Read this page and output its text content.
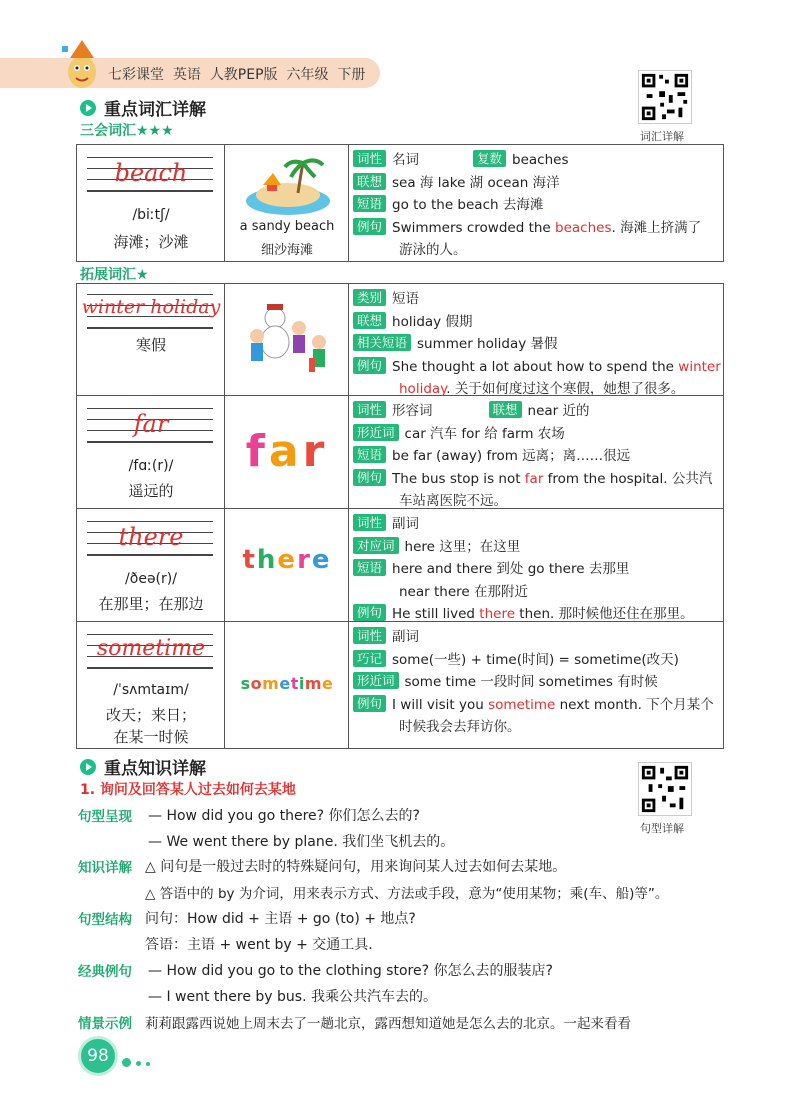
七彩课堂 英语 人教PEP版 六年级 下册
词汇详解
重点词汇详解
三会词汇★★★
beach
/biːtʃ/
海滩；沙滩
a sandy beach
细沙海滩
词性 名词	复数 beaches
联想 sea 海 lake 湖 ocean 海洋
短语 go to the beach 去海滩
例句 Swimmers crowded the beaches. 海滩上挤满了
游泳的人。
拓展词汇★
winter holiday
寒假
类别 短语
联想 holiday 假期
相关短语 summer holiday 暑假
例句 She thought a lot about how to spend the winter
holiday. 关于如何度过这个寒假，她想了很多。
far
/fɑː(r)/
遥远的
far
词性 形容词	联想 near 近的
形近词 car 汽车 for 给 farm 农场
短语 be far (away) from 远离；离……很远
例句 The bus stop is not far from the hospital. 公共汽
车站离医院不远。
there
/ðeə(r)/
在那里；在那边
there
词性 副词
对应词 here 这里；在这里
短语 here and there 到处 go there 去那里
near there 在那附近
例句 He still lived there then. 那时候他还住在那里。
sometime
/ˈsʌmtaɪm/
改天；来日；
在某一时候
sometime
词性 副词
巧记 some(一些) + time(时间) = sometime(改天)
形近词 some time 一段时间 sometimes 有时候
例句 I will visit you sometime next month. 下个月某个
时候我会去拜访你。
重点知识详解
句型详解
1. 询问及回答某人过去如何去某地
句型呈现 — How did you go there? 你们怎么去的?
— We went there by plane. 我们坐飞机去的。
知识详解 △ 问句是一般过去时的特殊疑问句，用来询问某人过去如何去某地。
△ 答语中的 by 为介词，用来表示方式、方法或手段，意为“使用某物；乘(车、船)等”。
句型结构 问句：How did + 主语 + go (to) + 地点?
答语：主语 + went by + 交通工具.
经典例句 — How did you go to the clothing store? 你怎么去的服装店?
— I went there by bus. 我乘公共汽车去的。
情景示例 莉莉跟露西说她上周末去了一趟北京，露西想知道她是怎么去的北京。一起来看看
98
